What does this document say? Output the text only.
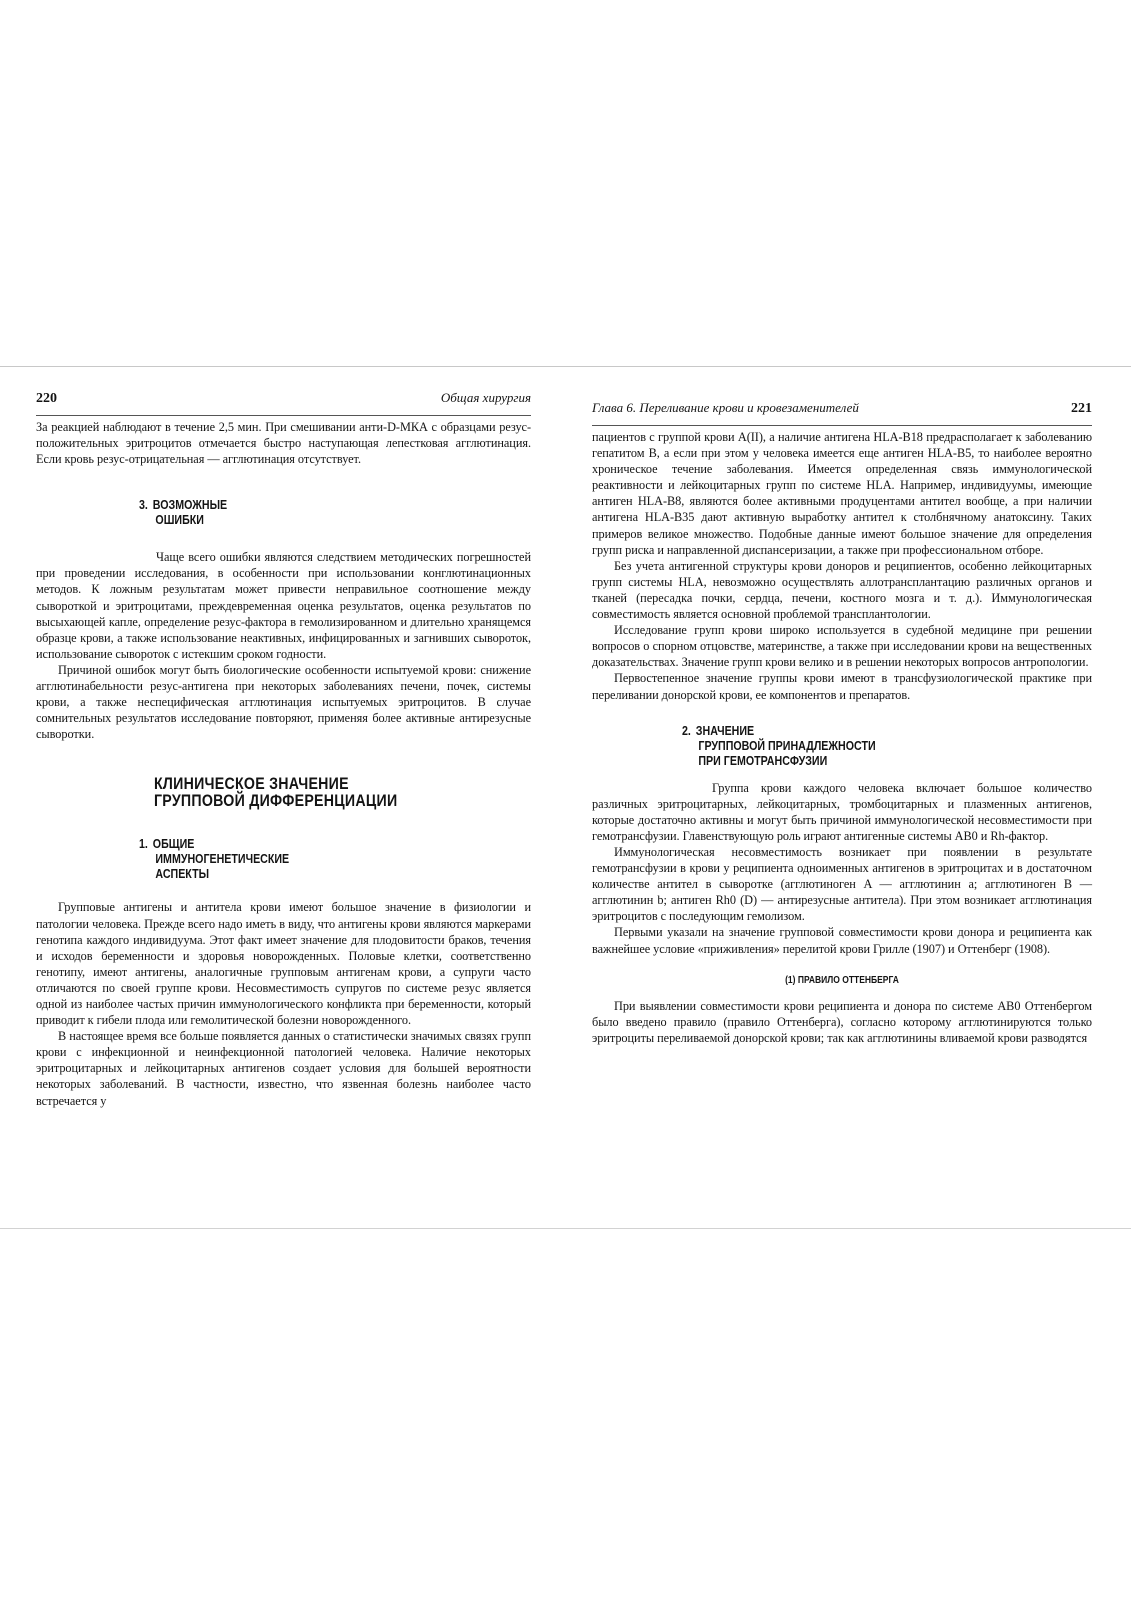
220	Общая хирургия

За реакцией наблюдают в течение 2,5 мин. При смешивании анти-D-МКА с образцами резус-положительных эритроцитов отмечается быстро наступающая лепестковая агглютинация. Если кровь резус-отрицательная — агглютинация отсутствует.

3. ВОЗМОЖНЫЕ
ОШИБКИ

Чаще всего ошибки являются следствием методических погрешностей при проведении исследования, в особенности при использовании конглютинационных методов. К ложным результатам может привести неправильное соотношение между сывороткой и эритроцитами, преждевременная оценка результатов, оценка результатов по высыхающей капле, определение резус-фактора в гемолизированном и длительно хранящемся образце крови, а также использование неактивных, инфицированных и загнивших сывороток, использование сывороток с истекшим сроком годности.

Причиной ошибок могут быть биологические особенности испытуемой крови: снижение агглютинабельности резус-антигена при некоторых заболеваниях печени, почек, системы крови, а также неспецифическая агглютинация испытуемых эритроцитов. В случае сомнительных результатов исследование повторяют, применяя более активные антирезусные сыворотки.

КЛИНИЧЕСКОЕ ЗНАЧЕНИЕ
ГРУППОВОЙ ДИФФЕРЕНЦИАЦИИ
1. ОБЩИЕ
ИММУНОГЕНЕТИЧЕСКИЕ
АСПЕКТЫ

Групповые антигены и антитела крови имеют большое значение в физиологии и патологии человека. Прежде всего надо иметь в виду, что антигены крови являются маркерами генотипа каждого индивидуума. Этот факт имеет значение для плодовитости браков, течения и исходов беременности и здоровья новорожденных. Половые клетки, соответственно генотипу, имеют антигены, аналогичные групповым антигенам крови, а супруги часто отличаются по своей группе крови. Несовместимость супругов по системе резус является одной из наиболее частых причин иммунологического конфликта при беременности, который приводит к гибели плода или гемолитической болезни новорожденного.

В настоящее время все больше появляется данных о статистически значимых связях групп крови с инфекционной и неинфекционной патологией человека. Наличие некоторых эритроцитарных и лейкоцитарных антигенов создает условия для большей вероятности некоторых заболеваний. В частности, известно, что язвенная болезнь наиболее часто встречается у

Глава 6. Переливание крови и кровезаменителей	221

пациентов с группой крови A(II), а наличие антигена HLA-B18 предрасполагает к заболеванию гепатитом B, а если при этом у человека имеется еще антиген HLA-B5, то наиболее вероятно хроническое течение заболевания. Имеется определенная связь иммунологической реактивности и лейкоцитарных групп по системе HLA. Например, индивидуумы, имеющие антиген HLA-B8, являются более активными продуцентами антител вообще, а при наличии антигена HLA-B35 дают активную выработку антител к столбнячному анатоксину. Таких примеров великое множество. Подобные данные имеют большое значение для определения групп риска и направленной диспансеризации, а также при профессиональном отборе.

Без учета антигенной структуры крови доноров и реципиентов, особенно лейкоцитарных групп системы HLA, невозможно осуществлять аллотрансплантацию различных органов и тканей (пересадка почки, сердца, печени, костного мозга и т. д.). Иммунологическая совместимость является основной проблемой трансплантологии.

Исследование групп крови широко используется в судебной медицине при решении вопросов о спорном отцовстве, материнстве, а также при исследовании крови на вещественных доказательствах. Значение групп крови велико и в решении некоторых вопросов антропологии.

Первостепенное значение группы крови имеют в трансфузиологической практике при переливании донорской крови, ее компонентов и препаратов.

2. ЗНАЧЕНИЕ
ГРУППОВОЙ ПРИНАДЛЕЖНОСТИ
ПРИ ГЕМОТРАНСФУЗИИ

Группа крови каждого человека включает большое количество различных эритроцитарных, лейкоцитарных, тромбоцитарных и плазменных антигенов, которые достаточно активны и могут быть причиной иммунологической несовместимости при гемотрансфузии. Главенствующую роль играют антигенные системы AB0 и Rh-фактор.

Иммунологическая несовместимость возникает при появлении в результате гемотрансфузии в крови у реципиента одноименных антигенов в эритроцитах и в достаточном количестве антител в сыворотке (агглютиноген A — агглютинин a; агглютиноген B — агглютинин b; антиген Rh0 (D) — антирезусные антитела). При этом возникает агглютинация эритроцитов с последующим гемолизом.

Первыми указали на значение групповой совместимости крови донора и реципиента как важнейшее условие «приживления» перелитой крови Грилле (1907) и Оттенберг (1908).

(1) ПРАВИЛО ОТТЕНБЕРГА

При выявлении совместимости крови реципиента и донора по системе AB0 Оттенбергом было введено правило (правило Оттенберга), согласно которому агглютинируются только эритроциты переливаемой донорской крови; так как агглютинины вливаемой крови разводятся
